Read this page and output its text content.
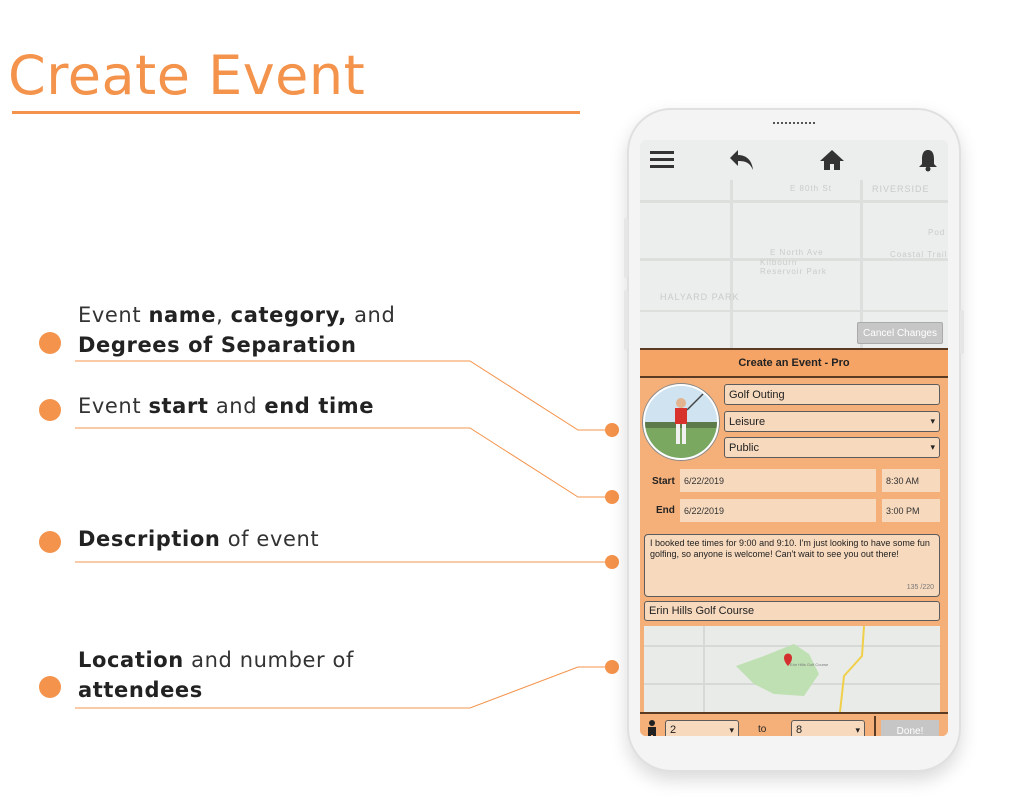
Create Event
Event name, category, and
Degrees of Separation
Event start and end time
Description of event
Location and number of
attendees
E 80th St	RIVERSIDE
Kilbourn Reservoir Park
HALYARD PARK
Pod
E North Ave	Coastal Trail
Cancel Changes
Create an Event - Pro
Golf Outing
Leisure
▾
Public
▾
Start	6/22/2019	8:30 AM
End	6/22/2019	3:00 PM
I booked tee times for 9:00 and 9:10. I'm just looking to have some fun golfing, so anyone is welcome! Can't wait to see you out there!
135 /220
Erin Hills Golf Course
Erin Hills Golf Course
2
▾	to	8
▾	Done!
